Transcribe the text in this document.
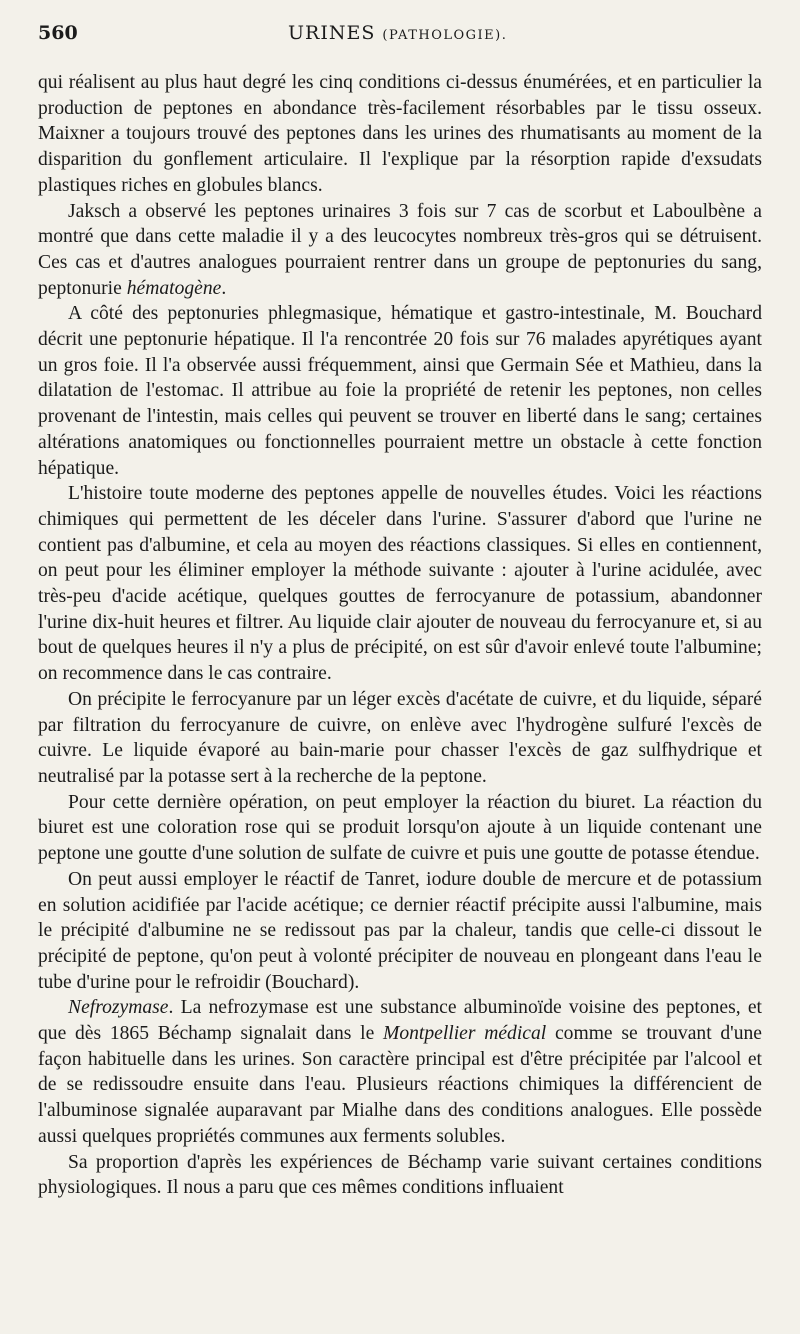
560	URINES (PATHOLOGIE).

qui réalisent au plus haut degré les cinq conditions ci-dessus énumérées, et en particulier la production de peptones en abondance très-facilement résorbables par le tissu osseux. Maixner a toujours trouvé des peptones dans les urines des rhumatisants au moment de la disparition du gonflement articulaire. Il l'explique par la résorption rapide d'exsudats plastiques riches en globules blancs.

Jaksch a observé les peptones urinaires 3 fois sur 7 cas de scorbut et Laboulbène a montré que dans cette maladie il y a des leucocytes nombreux très-gros qui se détruisent. Ces cas et d'autres analogues pourraient rentrer dans un groupe de peptonuries du sang, peptonurie hématogène.

A côté des peptonuries phlegmasique, hématique et gastro-intestinale, M. Bouchard décrit une peptonurie hépatique. Il l'a rencontrée 20 fois sur 76 malades apyrétiques ayant un gros foie. Il l'a observée aussi fréquemment, ainsi que Germain Sée et Mathieu, dans la dilatation de l'estomac. Il attribue au foie la propriété de retenir les peptones, non celles provenant de l'intestin, mais celles qui peuvent se trouver en liberté dans le sang; certaines altérations anatomiques ou fonctionnelles pourraient mettre un obstacle à cette fonction hépatique.

L'histoire toute moderne des peptones appelle de nouvelles études. Voici les réactions chimiques qui permettent de les déceler dans l'urine. S'assurer d'abord que l'urine ne contient pas d'albumine, et cela au moyen des réactions classiques. Si elles en contiennent, on peut pour les éliminer employer la méthode suivante : ajouter à l'urine acidulée, avec très-peu d'acide acétique, quelques gouttes de ferrocyanure de potassium, abandonner l'urine dix-huit heures et filtrer. Au liquide clair ajouter de nouveau du ferrocyanure et, si au bout de quelques heures il n'y a plus de précipité, on est sûr d'avoir enlevé toute l'albumine; on recommence dans le cas contraire.

On précipite le ferrocyanure par un léger excès d'acétate de cuivre, et du liquide, séparé par filtration du ferrocyanure de cuivre, on enlève avec l'hydrogène sulfuré l'excès de cuivre. Le liquide évaporé au bain-marie pour chasser l'excès de gaz sulfhydrique et neutralisé par la potasse sert à la recherche de la peptone.

Pour cette dernière opération, on peut employer la réaction du biuret. La réaction du biuret est une coloration rose qui se produit lorsqu'on ajoute à un liquide contenant une peptone une goutte d'une solution de sulfate de cuivre et puis une goutte de potasse étendue.

On peut aussi employer le réactif de Tanret, iodure double de mercure et de potassium en solution acidifiée par l'acide acétique; ce dernier réactif précipite aussi l'albumine, mais le précipité d'albumine ne se redissout pas par la chaleur, tandis que celle-ci dissout le précipité de peptone, qu'on peut à volonté précipiter de nouveau en plongeant dans l'eau le tube d'urine pour le refroidir (Bouchard).

Nefrozymase. La nefrozymase est une substance albuminoïde voisine des peptones, et que dès 1865 Béchamp signalait dans le Montpellier médical comme se trouvant d'une façon habituelle dans les urines. Son caractère principal est d'être précipitée par l'alcool et de se redissoudre ensuite dans l'eau. Plusieurs réactions chimiques la différencient de l'albuminose signalée auparavant par Mialhe dans des conditions analogues. Elle possède aussi quelques propriétés communes aux ferments solubles.

Sa proportion d'après les expériences de Béchamp varie suivant certaines conditions physiologiques. Il nous a paru que ces mêmes conditions influaient
